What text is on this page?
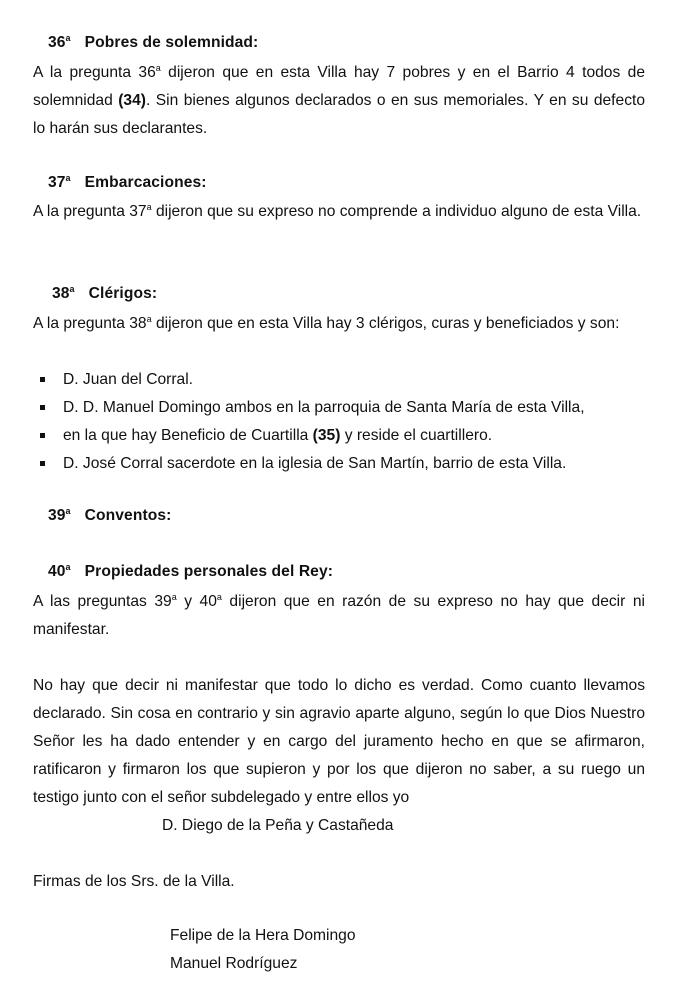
36$^a$ Pobres de solemnidad:
A la pregunta 36$^a$ dijeron que en esta Villa hay 7 pobres y en el Barrio 4 todos de solemnidad (34). Sin bienes algunos declarados o en sus memoriales. Y en su defecto lo harán sus declarantes.
37$^a$ Embarcaciones:
A la pregunta 37$^a$ dijeron que su expreso no comprende a individuo alguno de esta Villa.
38$^a$ Clérigos:
A la pregunta 38$^a$ dijeron que en esta Villa hay 3 clérigos, curas y beneficiados y son:
D. Juan del Corral.
D. D. Manuel Domingo ambos en la parroquia de Santa María de esta Villa,
en la que hay Beneficio de Cuartilla (35) y reside el cuartillero.
D. José Corral sacerdote en la iglesia de San Martín, barrio de esta Villa.
39$^a$ Conventos:
40$^a$ Propiedades personales del Rey:
A las preguntas 39$^a$ y 40$^a$ dijeron que en razón de su expreso no hay que decir ni manifestar.
No hay que decir ni manifestar que todo lo dicho es verdad. Como cuanto llevamos declarado. Sin cosa en contrario y sin agravio aparte alguno, según lo que Dios Nuestro Señor les ha dado entender y en cargo del juramento hecho en que se afirmaron, ratificaron y firmaron los que supieron y por los que dijeron no saber, a su ruego un testigo junto con el señor subdelegado y entre ellos yo
D. Diego de la Peña y Castañeda
Firmas de los Srs. de la Villa.
Felipe de la Hera Domingo
Manuel Rodríguez
